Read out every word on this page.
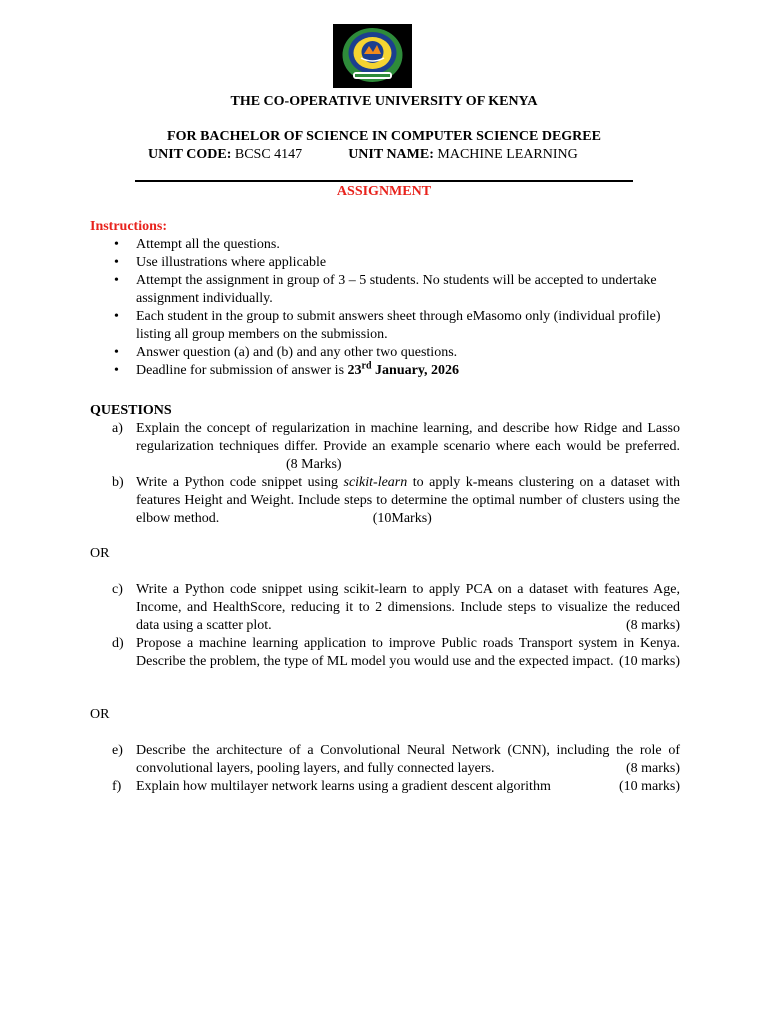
THE CO-OPERATIVE UNIVERSITY OF KENYA
FOR BACHELOR OF SCIENCE IN COMPUTER SCIENCE DEGREE
UNIT CODE: BCSC 4147	UNIT NAME: MACHINE LEARNING
ASSIGNMENT
Instructions:
• Attempt all the questions.
• Use illustrations where applicable
• Attempt the assignment in group of 3 – 5 students. No students will be accepted to undertake assignment individually.
• Each student in the group to submit answers sheet through eMasomo only (individual profile) listing all group members on the submission.
• Answer question (a) and (b) and any other two questions.
• Deadline for submission of answer is 23rd January, 2026
QUESTIONS
a) Explain the concept of regularization in machine learning, and describe how Ridge and Lasso regularization techniques differ. Provide an example scenario where each would be preferred. (8 Marks)
b) Write a Python code snippet using scikit-learn to apply k-means clustering on a dataset with features Height and Weight. Include steps to determine the optimal number of clusters using the elbow method.	(10Marks)
OR
c) Write a Python code snippet using scikit-learn to apply PCA on a dataset with features Age, Income, and HealthScore, reducing it to 2 dimensions. Include steps to visualize the reduced data using a scatter plot.	(8 marks)
d) Propose a machine learning application to improve Public roads Transport system in Kenya. Describe the problem, the type of ML model you would use and the expected impact. (10 marks)
OR
e) Describe the architecture of a Convolutional Neural Network (CNN), including the role of convolutional layers, pooling layers, and fully connected layers.	(8 marks)
f) Explain how multilayer network learns using a gradient descent algorithm	(10 marks)
